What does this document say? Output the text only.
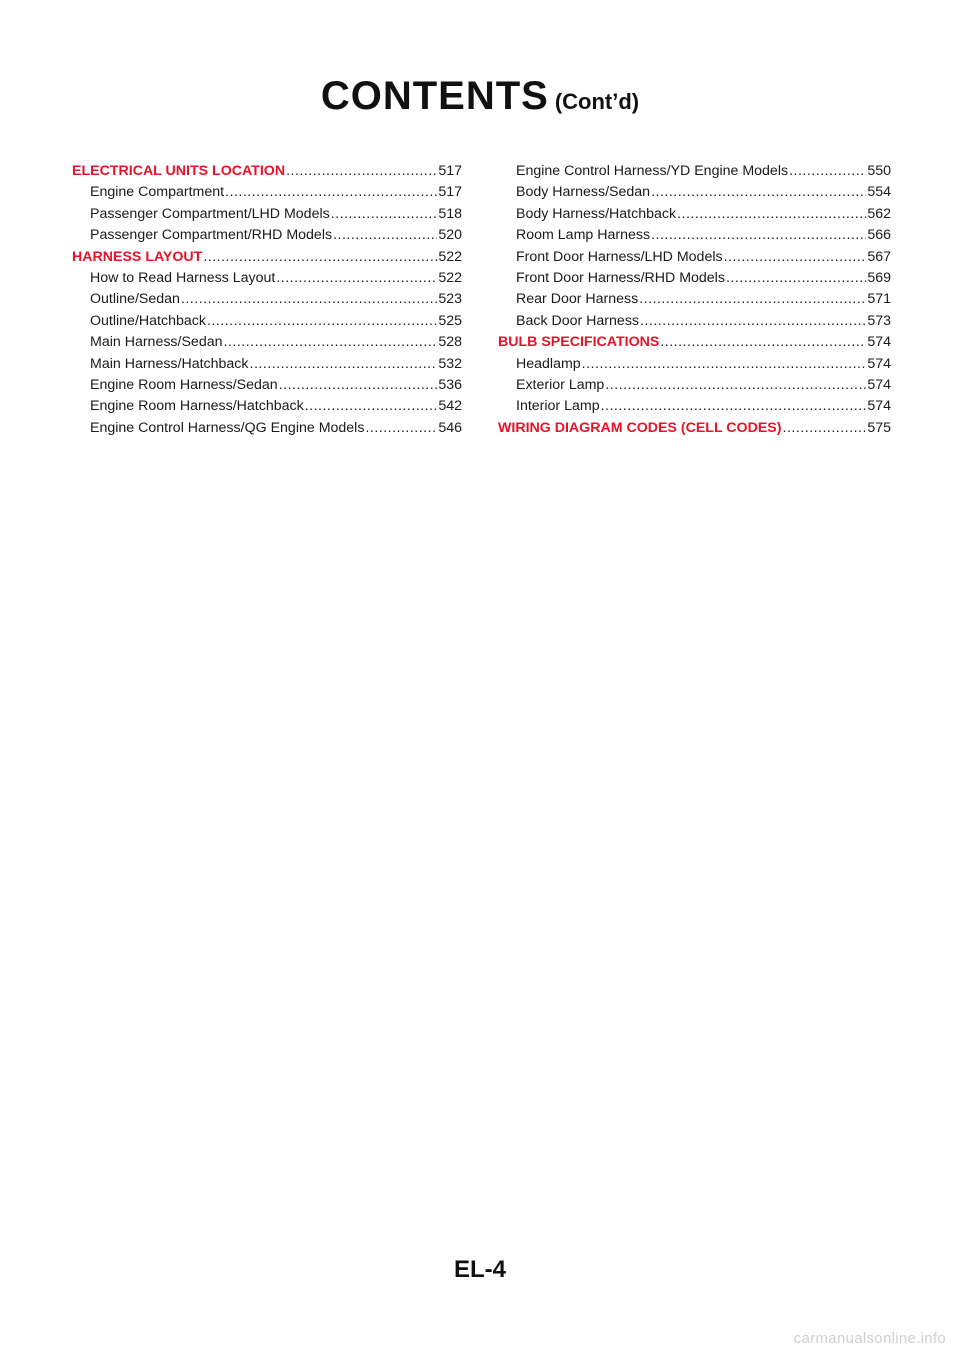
CONTENTS (Cont’d)
ELECTRICAL UNITS LOCATION .....	517
Engine Compartment .....	517
Passenger Compartment/LHD Models .....	518
Passenger Compartment/RHD Models .....	520
HARNESS LAYOUT .....	522
How to Read Harness Layout .....	522
Outline/Sedan .....	523
Outline/Hatchback .....	525
Main Harness/Sedan .....	528
Main Harness/Hatchback .....	532
Engine Room Harness/Sedan .....	536
Engine Room Harness/Hatchback .....	542
Engine Control Harness/QG Engine Models .....	546
Engine Control Harness/YD Engine Models .....	550
Body Harness/Sedan .....	554
Body Harness/Hatchback .....	562
Room Lamp Harness .....	566
Front Door Harness/LHD Models .....	567
Front Door Harness/RHD Models .....	569
Rear Door Harness .....	571
Back Door Harness .....	573
BULB SPECIFICATIONS .....	574
Headlamp .....	574
Exterior Lamp .....	574
Interior Lamp .....	574
WIRING DIAGRAM CODES (CELL CODES) .....	575
EL-4
carmanualsonline.info
